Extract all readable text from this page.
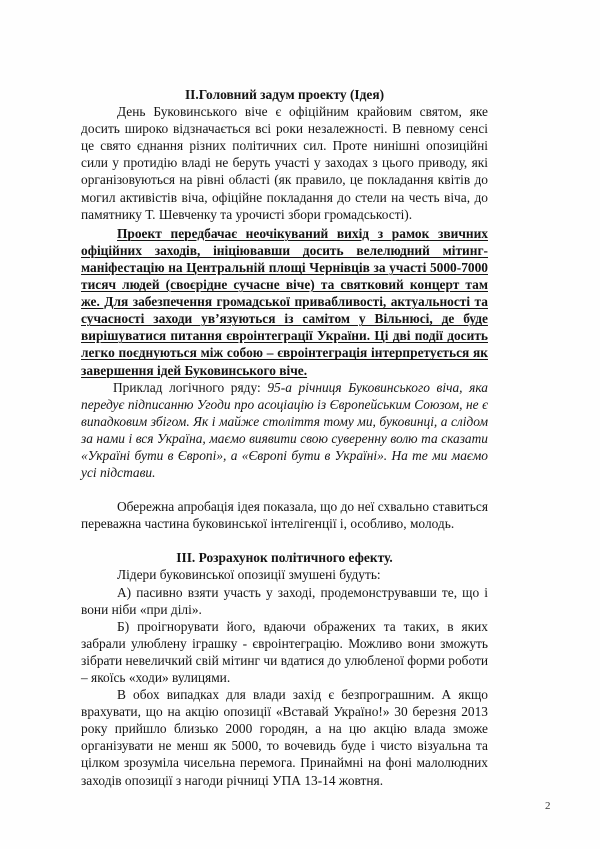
II.Головний задум проекту (Ідея)

День Буковинського віче є офіційним крайовим святом, яке досить широко відзначається всі роки незалежності. В певному сенсі це свято єднання різних політичних сил. Проте нинішні опозиційні сили у протидію владі не беруть участі у заходах з цього приводу, які організовуються на рівні області (як правило, це покладання квітів до могил активістів віча, офіційне покладання до стели на честь віча, до памятнику Т. Шевченку та урочисті збори громадськості).

Проект передбачає неочікуваний вихід з рамок звичних офіційних заходів, ініціювавши досить велелюдний мітинг-маніфестацію на Центральній площі Чернівців за участі 5000-7000 тисяч людей (своєрідне сучасне віче) та святковий концерт там же. Для забезпечення громадської привабливості, актуальності та сучасності заходи ув’язуються із самітом у Вільнюсі, де буде вирішуватися питання євроінтеграції України. Ці дві події досить легко поєднуються між собою – євроінтеграція інтерпретується як завершення ідей Буковинського віче.

Приклад логічного ряду: 95-а річниця Буковинського віча, яка передує підписанню Угоди про асоціацію із Європейським Союзом, не є випадковим збігом. Як і майже століття тому ми, буковинці, а слідом за нами і вся Україна, маємо виявити свою суверенну волю та сказати «Україні бути в Європі», а «Європі бути в Україні». На те ми маємо усі підстави.

Обережна апробація ідея показала, що до неї схвально ставиться переважна частина буковинської інтелігенції і, особливо, молодь.

III. Розрахунок політичного ефекту.

Лідери буковинської опозиції змушені будуть:

А) пасивно взяти участь у заході, продемонструвавши те, що і вони ніби «при ділі».

Б) проігнорувати його, вдаючи ображених та таких, в яких забрали улюблену іграшку - євроінтеграцію. Можливо вони зможуть зібрати невеличкий свій мітинг чи вдатися до улюбленої форми роботи – якоїсь «ходи» вулицями.

В обох випадках для влади захід є безпрограшним. А якщо врахувати, що на акцію опозиції «Вставай Україно!» 30 березня 2013 року прийшло близько 2000 городян, а на цю акцію влада зможе організувати не менш як 5000, то вочевидь буде і чисто візуальна та цілком зрозуміла чисельна перемога. Принаймні на фоні малолюдних заходів опозиції з нагоди річниці УПА 13-14 жовтня.

2
